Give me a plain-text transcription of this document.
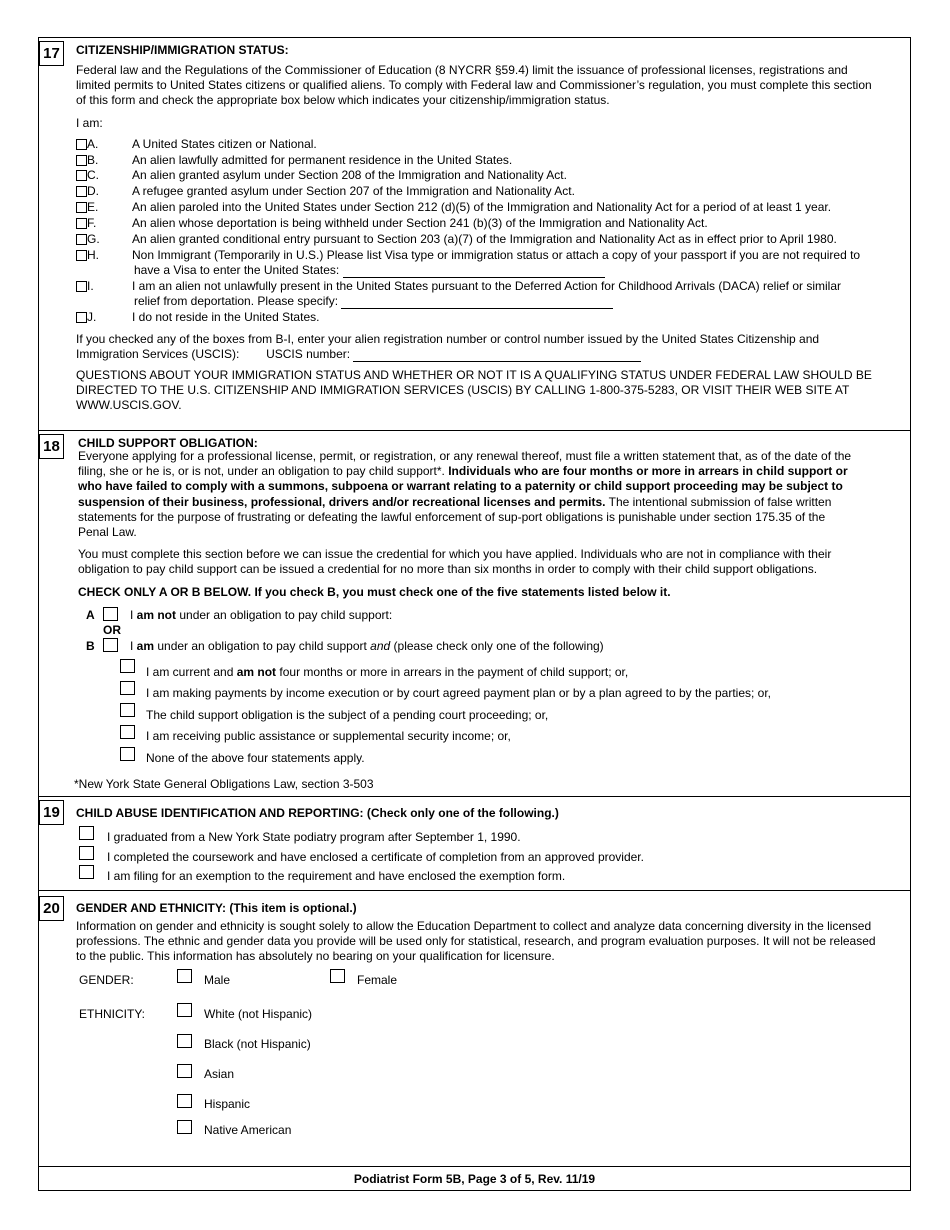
17	CITIZENSHIP/IMMIGRATION STATUS:
Federal law and the Regulations of the Commissioner of Education (8 NYCRR §59.4) limit the issuance of professional licenses, registrations and limited permits to United States citizens or qualified aliens. To comply with Federal law and Commissioner’s regulation, you must complete this section of this form and check the appropriate box below which indicates your citizenship/immigration status.
I am:
A.	A United States citizen or National.
B.	An alien lawfully admitted for permanent residence in the United States.
C.	An alien granted asylum under Section 208 of the Immigration and Nationality Act.
D.	A refugee granted asylum under Section 207 of the Immigration and Nationality Act.
E.	An alien paroled into the United States under Section 212 (d)(5) of the Immigration and Nationality Act for a period of at least 1 year.
F.	An alien whose deportation is being withheld under Section 241 (b)(3) of the Immigration and Nationality Act.
G.	An alien granted conditional entry pursuant to Section 203 (a)(7) of the Immigration and Nationality Act as in effect prior to April 1980.
H.	Non Immigrant (Temporarily in U.S.) Please list Visa type or immigration status or attach a copy of your passport if you are not required to
have a Visa to enter the United States:
I.	I am an alien not unlawfully present in the United States pursuant to the Deferred Action for Childhood Arrivals (DACA) relief or similar
relief from deportation. Please specify:
J.	I do not reside in the United States.
If you checked any of the boxes from B-I, enter your alien registration number or control number issued by the United States Citizenship and
Immigration Services (USCIS): USCIS number:
QUESTIONS ABOUT YOUR IMMIGRATION STATUS AND WHETHER OR NOT IT IS A QUALIFYING STATUS UNDER FEDERAL LAW SHOULD BE DIRECTED TO THE U.S. CITIZENSHIP AND IMMIGRATION SERVICES (USCIS) BY CALLING 1-800-375-5283, OR VISIT THEIR WEB SITE AT WWW.USCIS.GOV.
18	CHILD SUPPORT OBLIGATION:
Everyone applying for a professional license, permit, or registration, or any renewal thereof, must file a written statement that, as of the date of the filing, she or he is, or is not, under an obligation to pay child support*. Individuals who are four months or more in arrears in child support or who have failed to comply with a summons, subpoena or warrant relating to a paternity or child support proceeding may be subject to suspension of their business, professional, drivers and/or recreational licenses and permits. The intentional submission of false written statements for the purpose of frustrating or defeating the lawful enforcement of sup-port obligations is punishable under section 175.35 of the Penal Law.
You must complete this section before we can issue the credential for which you have applied. Individuals who are not in compliance with their obligation to pay child support can be issued a credential for no more than six months in order to comply with their child support obligations.
CHECK ONLY A OR B BELOW. If you check B, you must check one of the five statements listed below it.
A	I am not under an obligation to pay child support:
OR
B	I am under an obligation to pay child support and (please check only one of the following)
I am current and am not four months or more in arrears in the payment of child support; or,
I am making payments by income execution or by court agreed payment plan or by a plan agreed to by the parties; or,
The child support obligation is the subject of a pending court proceeding; or,
I am receiving public assistance or supplemental security income; or,
None of the above four statements apply.
*New York State General Obligations Law, section 3-503
19	CHILD ABUSE IDENTIFICATION AND REPORTING: (Check only one of the following.)
I graduated from a New York State podiatry program after September 1, 1990.
I completed the coursework and have enclosed a certificate of completion from an approved provider.
I am filing for an exemption to the requirement and have enclosed the exemption form.
20	GENDER AND ETHNICITY: (This item is optional.)
Information on gender and ethnicity is sought solely to allow the Education Department to collect and analyze data concerning diversity in the licensed professions. The ethnic and gender data you provide will be used only for statistical, research, and program evaluation purposes. It will not be released to the public. This information has absolutely no bearing on your qualification for licensure.
GENDER:	Male	Female
ETHNICITY:	White (not Hispanic)
Black (not Hispanic)
Asian
Hispanic
Native American
Podiatrist Form 5B, Page 3 of 5, Rev. 11/19
